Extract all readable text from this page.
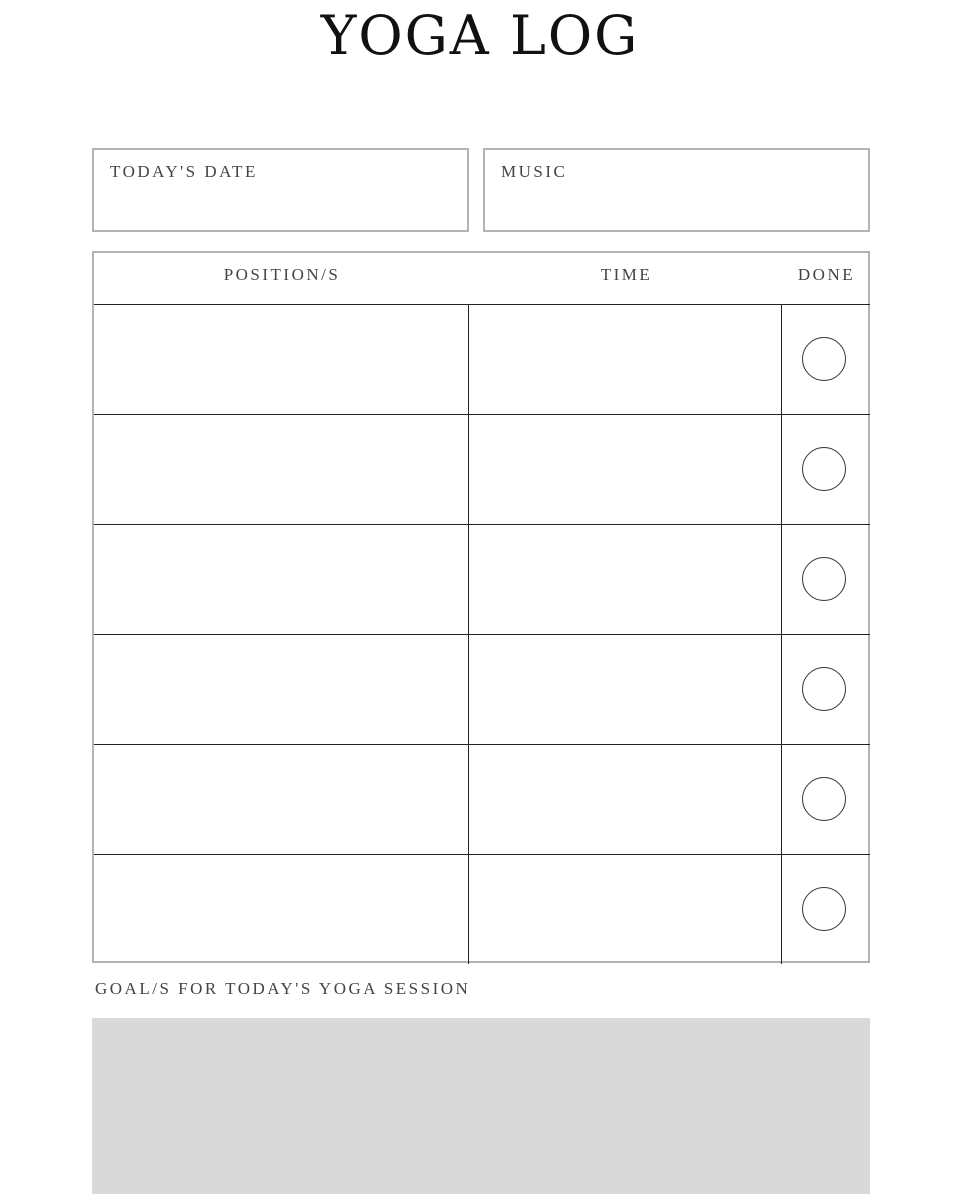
YOGA LOG
TODAY'S DATE	MUSIC
POSITION/S	TIME	DONE
GOAL/S FOR TODAY'S YOGA SESSION
